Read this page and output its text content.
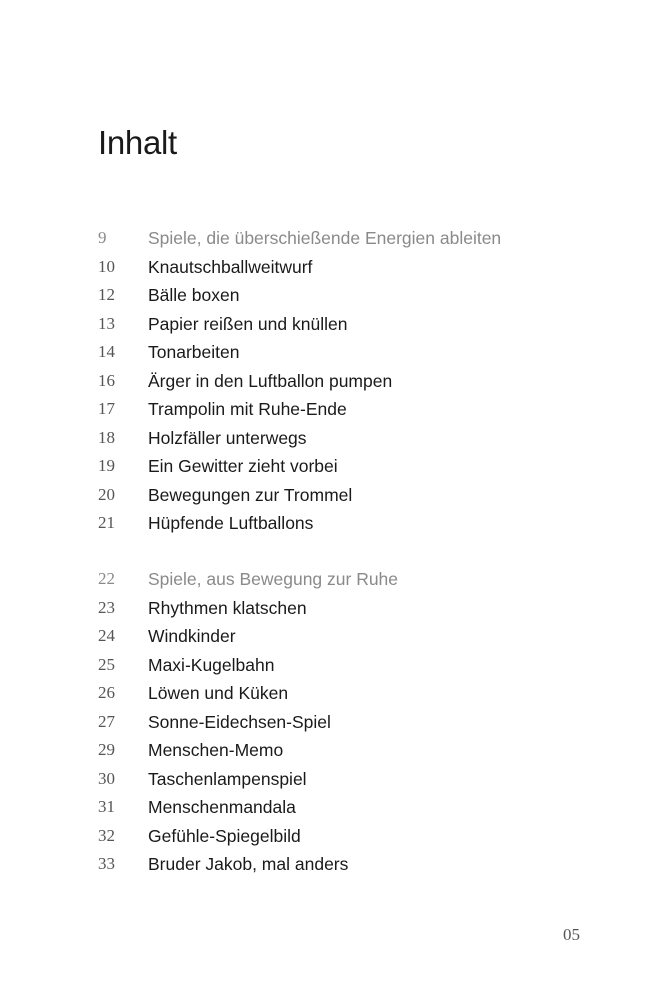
Inhalt
9	Spiele, die überschießende Energien ableiten
10	Knautschballweitwurf
12	Bälle boxen
13	Papier reißen und knüllen
14	Tonarbeiten
16	Ärger in den Luftballon pumpen
17	Trampolin mit Ruhe-Ende
18	Holzfäller unterwegs
19	Ein Gewitter zieht vorbei
20	Bewegungen zur Trommel
21	Hüpfende Luftballons
22	Spiele, aus Bewegung zur Ruhe
23	Rhythmen klatschen
24	Windkinder
25	Maxi-Kugelbahn
26	Löwen und Küken
27	Sonne-Eidechsen-Spiel
29	Menschen-Memo
30	Taschenlampenspiel
31	Menschenmandala
32	Gefühle-Spiegelbild
33	Bruder Jakob, mal anders
05
